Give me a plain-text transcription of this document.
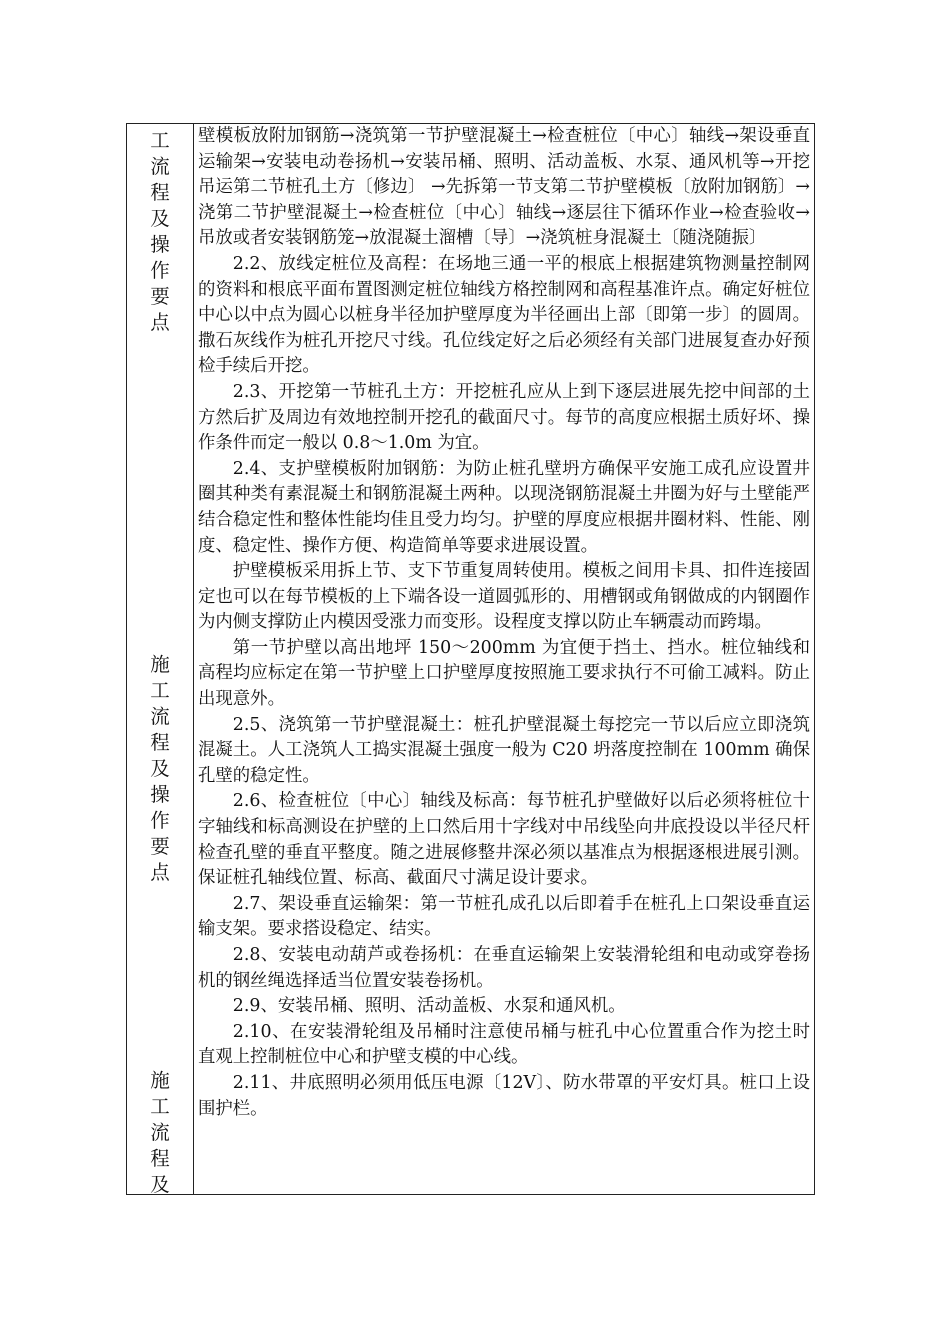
工
流
程
及
操
作
要
点
施
工
流
程
及
操
作
要
点
施
工
流
程
及

壁模板放附加钢筋→浇筑第一节护壁混凝土→检查桩位〔中心〕轴线→架设垂直运输架→安装电动卷扬机→安装吊桶、照明、活动盖板、水泵、通风机等→开挖吊运第二节桩孔土方〔修边〕 →先拆第一节支第二节护壁模板〔放附加钢筋〕→浇第二节护壁混凝土→检查桩位〔中心〕轴线→逐层往下循环作业→检查验收→吊放或者安装钢筋笼→放混凝土溜槽〔导〕→浇筑桩身混凝土〔随浇随振〕

2.2、放线定桩位及高程：在场地三通一平的根底上根据建筑物测量控制网的资料和根底平面布置图测定桩位轴线方格控制网和高程基准许点。确定好桩位中心以中点为圆心以桩身半径加护壁厚度为半径画出上部〔即第一步〕的圆周。撒石灰线作为桩孔开挖尺寸线。孔位线定好之后必须经有关部门进展复查办好预检手续后开挖。

2.3、开挖第一节桩孔土方：开挖桩孔应从上到下逐层进展先挖中间部的土方然后扩及周边有效地控制开挖孔的截面尺寸。每节的高度应根据土质好坏、操作条件而定一般以 0.8～1.0m 为宜。

2.4、支护壁模板附加钢筋：为防止桩孔壁坍方确保平安施工成孔应设置井圈其种类有素混凝土和钢筋混凝土两种。以现浇钢筋混凝土井圈为好与土壁能严结合稳定性和整体性能均佳且受力均匀。护壁的厚度应根据井圈材料、性能、刚度、稳定性、操作方便、构造简单等要求进展设置。

护壁模板采用拆上节、支下节重复周转使用。模板之间用卡具、扣件连接固定也可以在每节模板的上下端各设一道圆弧形的、用槽钢或角钢做成的内钢圈作为内侧支撑防止内模因受涨力而变形。设程度支撑以防止车辆震动而跨塌。

第一节护壁以高出地坪 150～200mm 为宜便于挡土、挡水。桩位轴线和高程均应标定在第一节护壁上口护壁厚度按照施工要求执行不可偷工减料。防止出现意外。

2.5、浇筑第一节护壁混凝土：桩孔护壁混凝土每挖完一节以后应立即浇筑混凝土。人工浇筑人工捣实混凝土强度一般为 C20 坍落度控制在 100mm 确保孔壁的稳定性。

2.6、检查桩位〔中心〕轴线及标高：每节桩孔护壁做好以后必须将桩位十字轴线和标高测设在护壁的上口然后用十字线对中吊线坠向井底投设以半径尺杆检查孔壁的垂直平整度。随之进展修整井深必须以基准点为根据逐根进展引测。保证桩孔轴线位置、标高、截面尺寸满足设计要求。

2.7、架设垂直运输架：第一节桩孔成孔以后即着手在桩孔上口架设垂直运输支架。要求搭设稳定、结实。

2.8、安装电动葫芦或卷扬机：在垂直运输架上安装滑轮组和电动或穿卷扬机的钢丝绳选择适当位置安装卷扬机。

2.9、安装吊桶、照明、活动盖板、水泵和通风机。

2.10、在安装滑轮组及吊桶时注意使吊桶与桩孔中心位置重合作为挖土时直观上控制桩位中心和护壁支模的中心线。

2.11、井底照明必须用低压电源〔12V〕、防水带罩的平安灯具。桩口上设围护栏。
